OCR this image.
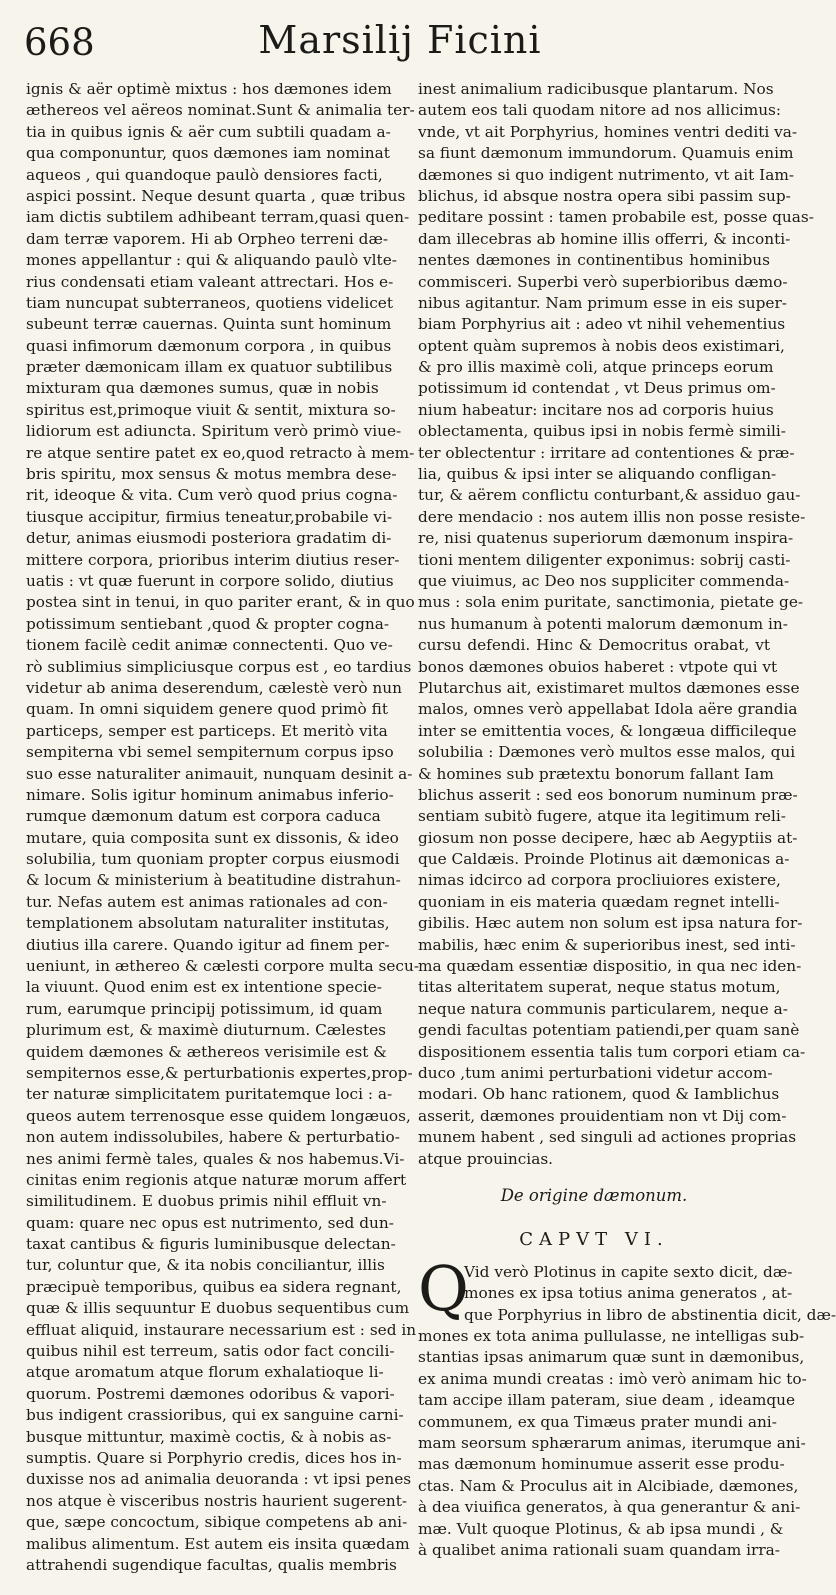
668	Marsilij Ficini
ignis & aër optimè mixtus : hos dæmones idem
æthereos vel aëreos nominat.Sunt & animalia ter-
tia in quibus ignis & aër cum subtili quadam a-
qua componuntur, quos dæmones iam nominat
aqueos , qui quandoque paulò densiores facti,
aspici possint. Neque desunt quarta , quæ tribus
iam dictis subtilem adhibeant terram,quasi quen-
dam terræ vaporem. Hi ab Orpheo terreni dæ-
mones appellantur : qui & aliquando paulò vlte-
rius condensati etiam valeant attrectari. Hos e-
tiam nuncupat subterraneos, quotiens videlicet
subeunt terræ cauernas. Quinta sunt hominum
quasi infimorum dæmonum corpora , in quibus
præter dæmonicam illam ex quatuor subtilibus
mixturam qua dæmones sumus, quæ in nobis
spiritus est,primoque viuit & sentit, mixtura so-
lidiorum est adiuncta. Spiritum verò primò viue-
re atque sentire patet ex eo,quod retracto à mem-
bris spiritu, mox sensus & motus membra dese-
rit, ideoque & vita. Cum verò quod prius cogna-
tiusque accipitur, firmius teneatur,probabile vi-
detur, animas eiusmodi posteriora gradatim di-
mittere corpora, prioribus interim diutius reser-
uatis : vt quæ fuerunt in corpore solido, diutius
postea sint in tenui, in quo pariter erant, & in quo
potissimum sentiebant ,quod & propter cogna-
tionem facilè cedit animæ connectenti. Quo ve-
rò sublimius simpliciusque corpus est , eo tardius
videtur ab anima deserendum, cælestè verò nun
quam. In omni siquidem genere quod primò fit
particeps, semper est particeps. Et meritò vita
sempiterna vbi semel sempiternum corpus ipso
suo esse naturaliter animauit, nunquam desinit a-
nimare. Solis igitur hominum animabus inferio-
rumque dæmonum datum est corpora caduca
mutare, quia composita sunt ex dissonis, & ideo
solubilia, tum quoniam propter corpus eiusmodi
& locum & ministerium à beatitudine distrahun-
tur. Nefas autem est animas rationales ad con-
templationem absolutam naturaliter institutas,
diutius illa carere. Quando igitur ad finem per-
ueniunt, in æthereo & cælesti corpore multa secu-
la viuunt. Quod enim est ex intentione specie-
rum, earumque principij potissimum, id quam
plurimum est, & maximè diuturnum. Cælestes
quidem dæmones & æthereos verisimile est &
sempiternos esse,& perturbationis expertes,prop-
ter naturæ simplicitatem puritatemque loci : a-
queos autem terrenosque esse quidem longæuos,
non autem indissolubiles, habere & perturbatio-
nes animi fermè tales, quales & nos habemus.Vi-
cinitas enim regionis atque naturæ morum affert
similitudinem. E duobus primis nihil effluit vn-
quam: quare nec opus est nutrimento, sed dun-
taxat cantibus & figuris luminibusque delectan-
tur, coluntur que, & ita nobis conciliantur, illis
præcipuè temporibus, quibus ea sidera regnant,
quæ & illis sequuntur E duobus sequentibus cum
effluat aliquid, instaurare necessarium est : sed in
quibus nihil est terreum, satis odor fact concili-
atque aromatum atque florum exhalatioque li-
quorum. Postremi dæmones odoribus & vapori-
bus indigent crassioribus, qui ex sanguine carni-
busque mittuntur, maximè coctis, & à nobis as-
sumptis. Quare si Porphyrio credis, dices hos in-
duxisse nos ad animalia deuoranda : vt ipsi penes
nos atque è visceribus nostris haurient sugerent-
que, sæpe concoctum, sibique competens ab ani-
malibus alimentum. Est autem eis insita quædam
attrahendi sugendique facultas, qualis membris
inest animalium radicibusque plantarum. Nos
autem eos tali quodam nitore ad nos allicimus:
vnde, vt ait Porphyrius, homines ventri dediti va-
sa fiunt dæmonum immundorum. Quamuis enim
dæmones si quo indigent nutrimento, vt ait Iam-
blichus, id absque nostra opera sibi passim sup-
peditare possint : tamen probabile est, posse quas-
dam illecebras ab homine illis offerri, & inconti-
nentes dæmones in continentibus hominibus
commisceri. Superbi verò superbioribus dæmo-
nibus agitantur. Nam primum esse in eis super-
biam Porphyrius ait : adeo vt nihil vehementius
optent quàm supremos à nobis deos existimari,
& pro illis maximè coli, atque princeps eorum
potissimum id contendat , vt Deus primus om-
nium habeatur: incitare nos ad corporis huius
oblectamenta, quibus ipsi in nobis fermè simili-
ter oblectentur : irritare ad contentiones & præ-
lia, quibus & ipsi inter se aliquando confligan-
tur, & aërem conflictu conturbant,& assiduo gau-
dere mendacio : nos autem illis non posse resiste-
re, nisi quatenus superiorum dæmonum inspira-
tioni mentem diligenter exponimus: sobrij casti-
que viuimus, ac Deo nos suppliciter commenda-
mus : sola enim puritate, sanctimonia, pietate ge-
nus humanum à potenti malorum dæmonum in-
cursu defendi. Hinc & Democritus orabat, vt
bonos dæmones obuios haberet : vtpote qui vt
Plutarchus ait, existimaret multos dæmones esse
malos, omnes verò appellabat Idola aëre grandia
inter se emittentia voces, & longæua difficileque
solubilia : Dæmones verò multos esse malos, qui
& homines sub prætextu bonorum fallant Iam
blichus asserit : sed eos bonorum numinum præ-
sentiam subitò fugere, atque ita legitimum reli-
giosum non posse decipere, hæc ab Aegyptiis at-
que Caldæis. Proinde Plotinus ait dæmonicas a-
nimas idcirco ad corpora procliuiores existere,
quoniam in eis materia quædam regnet intelli-
gibilis. Hæc autem non solum est ipsa natura for-
mabilis, hæc enim & superioribus inest, sed inti-
ma quædam essentiæ dispositio, in qua nec iden-
titas alteritatem superat, neque status motum,
neque natura communis particularem, neque a-
gendi facultas potentiam patiendi,per quam sanè
dispositionem essentia talis tum corpori etiam ca-
duco ,tum animi perturbationi videtur accom-
modari. Ob hanc rationem, quod & Iamblichus
asserit, dæmones prouidentiam non vt Dij com-
munem habent , sed singuli ad actiones proprias
atque prouincias.
De origine dæmonum.
CAPVT VI.
Q
Vid verò Plotinus in capite sexto dicit, dæ-
mones ex ipsa totius anima generatos , at-
que Porphyrius in libro de abstinentia dicit, dæ-
mones ex tota anima pullulasse, ne intelligas sub-
stantias ipsas animarum quæ sunt in dæmonibus,
ex anima mundi creatas : imò verò animam hic to-
tam accipe illam pateram, siue deam , ideamque
communem, ex qua Timæus prater mundi ani-
mam seorsum sphærarum animas, iterumque ani-
mas dæmonum hominumue asserit esse produ-
ctas. Nam & Proculus ait in Alcibiade, dæmones,
à dea viuifica generatos, à qua generantur & ani-
mæ. Vult quoque Plotinus, & ab ipsa mundi , &
à qualibet anima rationali suam quandam irra-
